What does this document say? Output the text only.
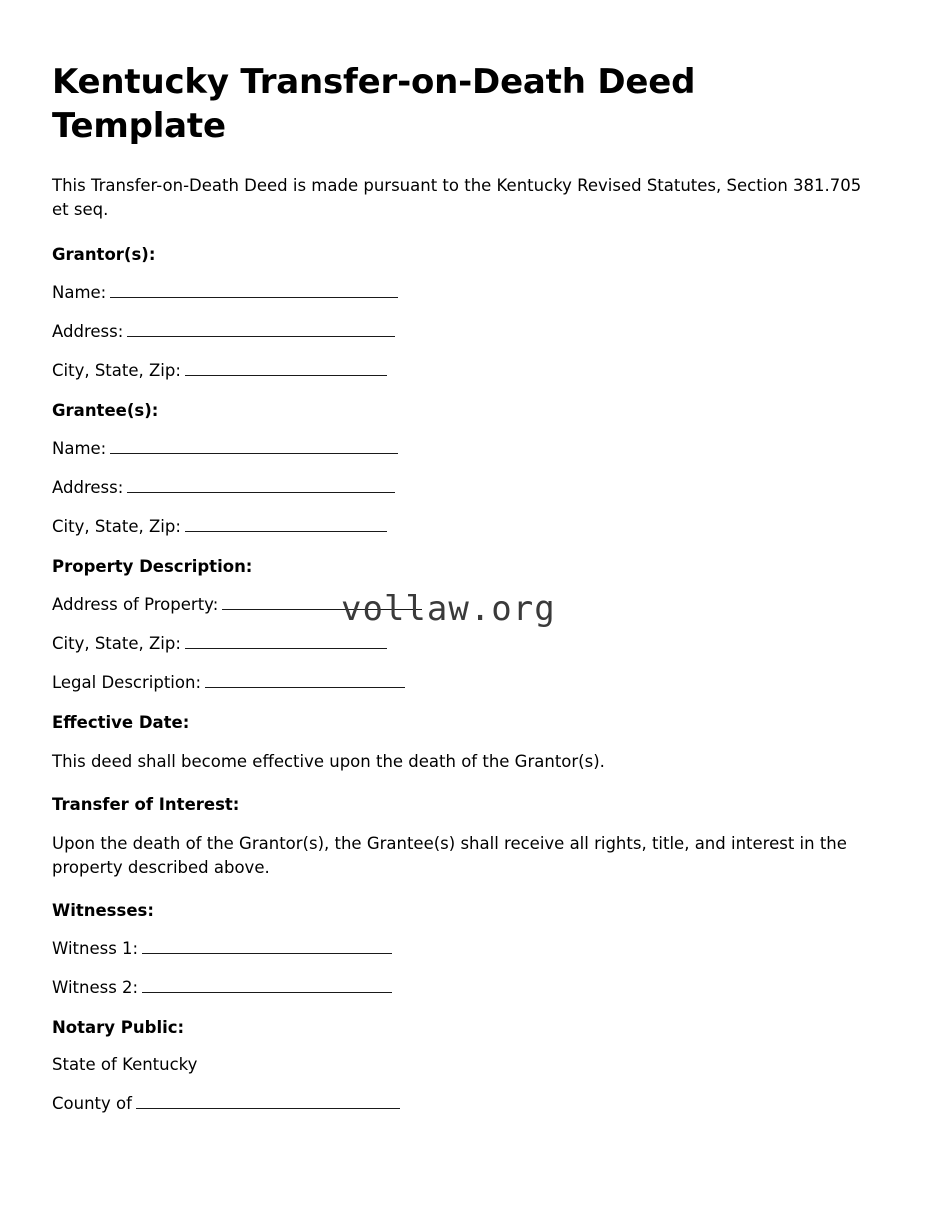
Kentucky Transfer-on-Death Deed Template

This Transfer-on-Death Deed is made pursuant to the Kentucky Revised Statutes, Section 381.705 et seq.

Grantor(s):
Name:
Address:
City, State, Zip:
Grantee(s):
Name:
Address:
City, State, Zip:
Property Description:
Address of Property:
City, State, Zip:
Legal Description:
Effective Date:

This deed shall become effective upon the death of the Grantor(s).

Transfer of Interest:

Upon the death of the Grantor(s), the Grantee(s) shall receive all rights, title, and interest in the property described above.

Witnesses:
Witness 1:
Witness 2:
Notary Public:
State of Kentucky
County of
vollaw.org
